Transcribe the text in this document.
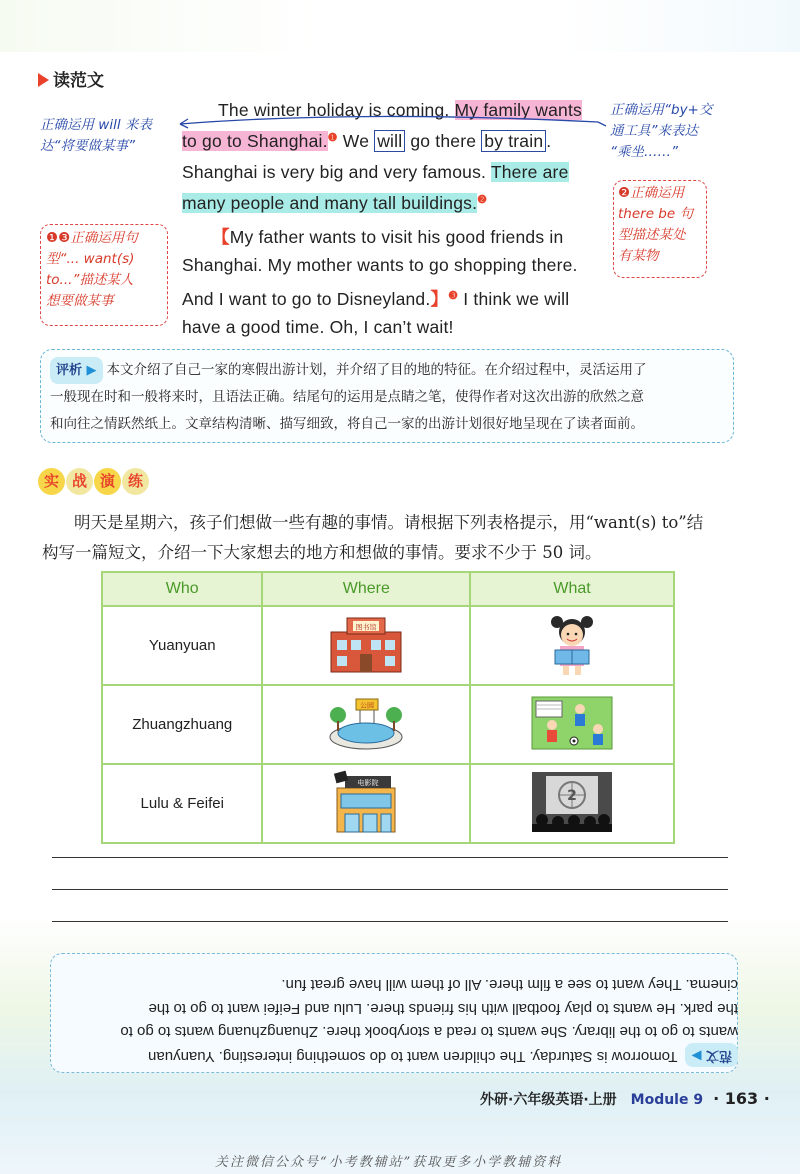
读范文
The winter holiday is coming. My family wants
to go to Shanghai.$^❶$ We will go there by train .
Shanghai is very big and very famous. There are
many people and many tall buildings.$^❷$
【My father wants to visit his good friends in
Shanghai. My mother wants to go shopping there.
And I want to go to Disneyland.】$^❸$ I think we will
have a good time. Oh, I can’t wait!
正确运用 will 来表
达“将要做某事”
正确运用“by+交
通工具”来表达
“乘坐……”
❷正确运用
there be 句
型描述某处
有某物
❶❸正确运用句
型“... want(s)
to...”描述某人
想要做某事
评析 ▶ 本文介绍了自己一家的寒假出游计划，并介绍了目的地的特征。在介绍过程中，灵活运用了
一般现在时和一般将来时，且语法正确。结尾句的运用是点睛之笔，使得作者对这次出游的欣然之意
和向往之情跃然纸上。文章结构清晰、描写细致，将自己一家的出游计划很好地呈现在了读者面前。
实 战 演 练
明天是星期六，孩子们想做一些有趣的事情。请根据下列表格提示，用“want(s) to”结
构写一篇短文，介绍一下大家想去的地方和想做的事情。要求不少于 50 词。
Who	Where	What
Yuanyuan	图书馆

Zhuangzhuang	公园

Lulu & Feifei	电影院	2
范文 ▶ Tomorrow is Saturday. The children want to do something interesting. Yuanyuan
wants to go to the library. She wants to read a storybook there. Zhuangzhuang wants to go to
the park. He wants to play football with his friends there. Lulu and Feifei want to go to the
cinema. They want to see a film there. All of them will have great fun.
外研·六年级英语·上册 Module 9 · 163 ·
关注微信公众号“小考教辅站”获取更多小学教辅资料
